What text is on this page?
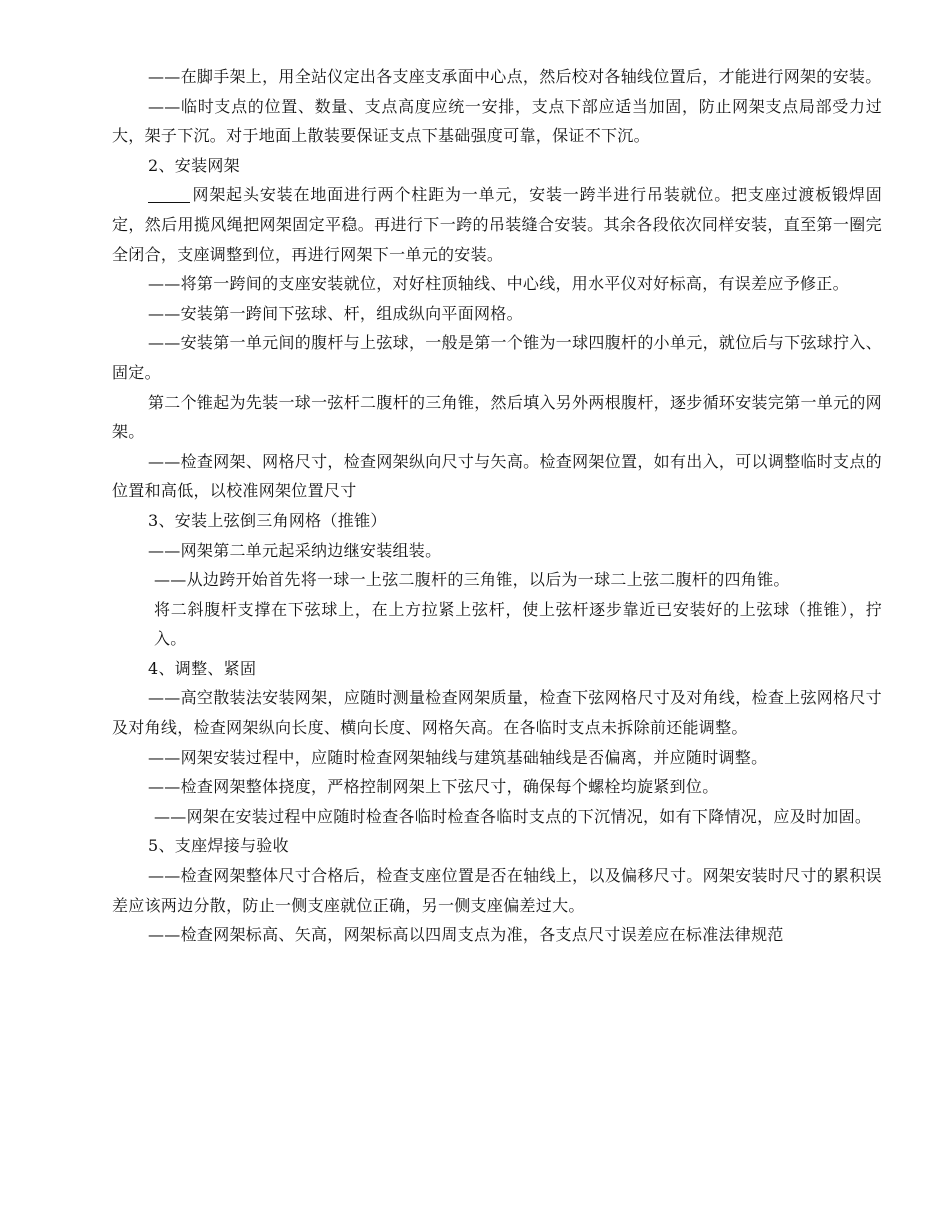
——在脚手架上，用全站仪定出各支座支承面中心点，然后校对各轴线位置后，才能进行网架的安装。

——临时支点的位置、数量、支点高度应统一安排，支点下部应适当加固，防止网架支点局部受力过大，架子下沉。对于地面上散装要保证支点下基础强度可靠，保证不下沉。

2、安装网架

网架起头安装在地面进行两个柱距为一单元，安装一跨半进行吊装就位。把支座过渡板锻焊固定，然后用揽风绳把网架固定平稳。再进行下一跨的吊装缝合安装。其余各段依次同样安装，直至第一圈完全闭合，支座调整到位，再进行网架下一单元的安装。

——将第一跨间的支座安装就位，对好柱顶轴线、中心线，用水平仪对好标高，有误差应予修正。

——安装第一跨间下弦球、杆，组成纵向平面网格。

——安装第一单元间的腹杆与上弦球，一般是第一个锥为一球四腹杆的小单元，就位后与下弦球拧入、固定。

第二个锥起为先装一球一弦杆二腹杆的三角锥，然后填入另外两根腹杆，逐步循环安装完第一单元的网架。

——检查网架、网格尺寸，检查网架纵向尺寸与矢高。检查网架位置，如有出入，可以调整临时支点的位置和高低，以校准网架位置尺寸

3、安装上弦倒三角网格（推锥）

——网架第二单元起采纳边继安装组装。

——从边跨开始首先将一球一上弦二腹杆的三角锥，以后为一球二上弦二腹杆的四角锥。

将二斜腹杆支撑在下弦球上，在上方拉紧上弦杆，使上弦杆逐步靠近已安装好的上弦球（推锥），拧入。

4、调整、紧固

——高空散装法安装网架，应随时测量检查网架质量，检查下弦网格尺寸及对角线，检查上弦网格尺寸及对角线，检查网架纵向长度、横向长度、网格矢高。在各临时支点未拆除前还能调整。

——网架安装过程中，应随时检查网架轴线与建筑基础轴线是否偏离，并应随时调整。

——检查网架整体挠度，严格控制网架上下弦尺寸，确保每个螺栓均旋紧到位。

——网架在安装过程中应随时检查各临时检查各临时支点的下沉情况，如有下降情况，应及时加固。

5、支座焊接与验收

——检查网架整体尺寸合格后，检查支座位置是否在轴线上，以及偏移尺寸。网架安装时尺寸的累积误差应该两边分散，防止一侧支座就位正确，另一侧支座偏差过大。

——检查网架标高、矢高，网架标高以四周支点为准，各支点尺寸误差应在标准法律规范
